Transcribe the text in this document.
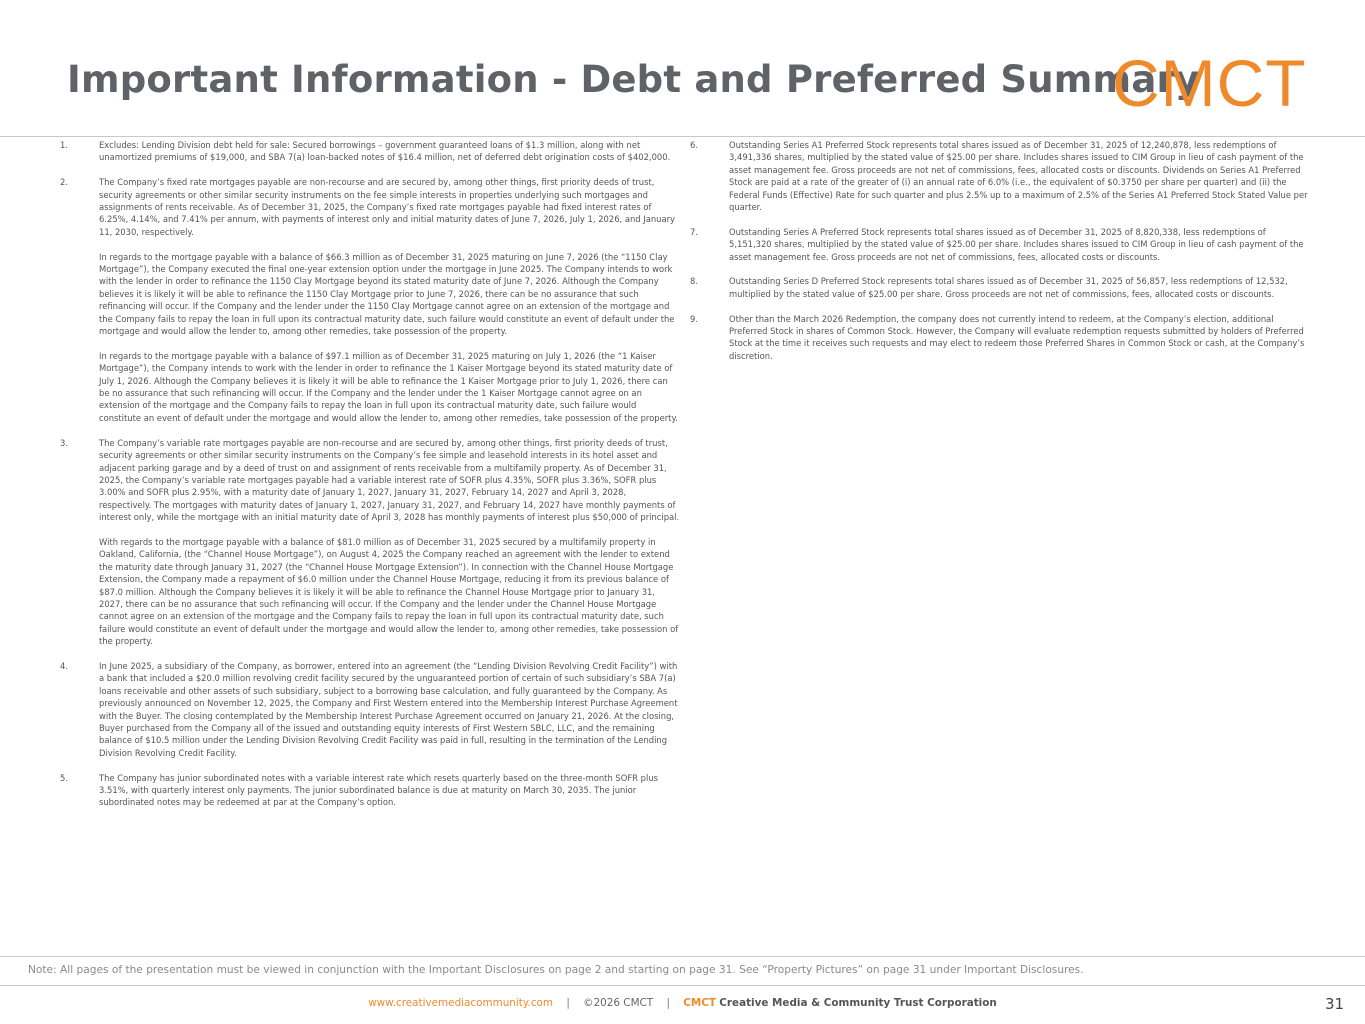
Important Information - Debt and Preferred Summary
CMCT
1.	Excludes: Lending Division debt held for sale: Secured borrowings – government guaranteed loans of $1.3 million, along with net unamortized premiums of $19,000, and SBA 7(a) loan-backed notes of $16.4 million, net of deferred debt origination costs of $402,000.

2.	The Company’s fixed rate mortgages payable are non-recourse and are secured by, among other things, first priority deeds of trust, security agreements or other similar security instruments on the fee simple interests in properties underlying such mortgages and assignments of rents receivable. As of December 31, 2025, the Company’s fixed rate mortgages payable had fixed interest rates of 6.25%, 4.14%, and 7.41% per annum, with payments of interest only and initial maturity dates of June 7, 2026, July 1, 2026, and January 11, 2030, respectively.

In regards to the mortgage payable with a balance of $66.3 million as of December 31, 2025 maturing on June 7, 2026 (the “1150 Clay Mortgage”), the Company executed the final one-year extension option under the mortgage in June 2025. The Company intends to work with the lender in order to refinance the 1150 Clay Mortgage beyond its stated maturity date of June 7, 2026. Although the Company believes it is likely it will be able to refinance the 1150 Clay Mortgage prior to June 7, 2026, there can be no assurance that such refinancing will occur. If the Company and the lender under the 1150 Clay Mortgage cannot agree on an extension of the mortgage and the Company fails to repay the loan in full upon its contractual maturity date, such failure would constitute an event of default under the mortgage and would allow the lender to, among other remedies, take possession of the property.

In regards to the mortgage payable with a balance of $97.1 million as of December 31, 2025 maturing on July 1, 2026 (the “1 Kaiser Mortgage”), the Company intends to work with the lender in order to refinance the 1 Kaiser Mortgage beyond its stated maturity date of July 1, 2026. Although the Company believes it is likely it will be able to refinance the 1 Kaiser Mortgage prior to July 1, 2026, there can be no assurance that such refinancing will occur. If the Company and the lender under the 1 Kaiser Mortgage cannot agree on an extension of the mortgage and the Company fails to repay the loan in full upon its contractual maturity date, such failure would constitute an event of default under the mortgage and would allow the lender to, among other remedies, take possession of the property.

3.	The Company’s variable rate mortgages payable are non-recourse and are secured by, among other things, first priority deeds of trust, security agreements or other similar security instruments on the Company’s fee simple and leasehold interests in its hotel asset and adjacent parking garage and by a deed of trust on and assignment of rents receivable from a multifamily property. As of December 31, 2025, the Company’s variable rate mortgages payable had a variable interest rate of SOFR plus 4.35%, SOFR plus 3.36%, SOFR plus 3.00% and SOFR plus 2.95%, with a maturity date of January 1, 2027, January 31, 2027, February 14, 2027 and April 3, 2028, respectively. The mortgages with maturity dates of January 1, 2027, January 31, 2027, and February 14, 2027 have monthly payments of interest only, while the mortgage with an initial maturity date of April 3, 2028 has monthly payments of interest plus $50,000 of principal.

With regards to the mortgage payable with a balance of $81.0 million as of December 31, 2025 secured by a multifamily property in Oakland, California, (the “Channel House Mortgage”), on August 4, 2025 the Company reached an agreement with the lender to extend the maturity date through January 31, 2027 (the “Channel House Mortgage Extension”). In connection with the Channel House Mortgage Extension, the Company made a repayment of $6.0 million under the Channel House Mortgage, reducing it from its previous balance of $87.0 million. Although the Company believes it is likely it will be able to refinance the Channel House Mortgage prior to January 31, 2027, there can be no assurance that such refinancing will occur. If the Company and the lender under the Channel House Mortgage cannot agree on an extension of the mortgage and the Company fails to repay the loan in full upon its contractual maturity date, such failure would constitute an event of default under the mortgage and would allow the lender to, among other remedies, take possession of the property.

4.	In June 2025, a subsidiary of the Company, as borrower, entered into an agreement (the “Lending Division Revolving Credit Facility”) with a bank that included a $20.0 million revolving credit facility secured by the unguaranteed portion of certain of such subsidiary’s SBA 7(a) loans receivable and other assets of such subsidiary, subject to a borrowing base calculation, and fully guaranteed by the Company. As previously announced on November 12, 2025, the Company and First Western entered into the Membership Interest Purchase Agreement with the Buyer. The closing contemplated by the Membership Interest Purchase Agreement occurred on January 21, 2026. At the closing, Buyer purchased from the Company all of the issued and outstanding equity interests of First Western SBLC, LLC, and the remaining balance of $10.5 million under the Lending Division Revolving Credit Facility was paid in full, resulting in the termination of the Lending Division Revolving Credit Facility.

5.	The Company has junior subordinated notes with a variable interest rate which resets quarterly based on the three-month SOFR plus 3.51%, with quarterly interest only payments. The junior subordinated balance is due at maturity on March 30, 2035. The junior subordinated notes may be redeemed at par at the Company’s option.

6.	Outstanding Series A1 Preferred Stock represents total shares issued as of December 31, 2025 of 12,240,878, less redemptions of 3,491,336 shares, multiplied by the stated value of $25.00 per share. Includes shares issued to CIM Group in lieu of cash payment of the asset management fee. Gross proceeds are not net of commissions, fees, allocated costs or discounts. Dividends on Series A1 Preferred Stock are paid at a rate of the greater of (i) an annual rate of 6.0% (i.e., the equivalent of $0.3750 per share per quarter) and (ii) the Federal Funds (Effective) Rate for such quarter and plus 2.5% up to a maximum of 2.5% of the Series A1 Preferred Stock Stated Value per quarter.

7.	Outstanding Series A Preferred Stock represents total shares issued as of December 31, 2025 of 8,820,338, less redemptions of 5,151,320 shares, multiplied by the stated value of $25.00 per share. Includes shares issued to CIM Group in lieu of cash payment of the asset management fee. Gross proceeds are not net of commissions, fees, allocated costs or discounts.

8.	Outstanding Series D Preferred Stock represents total shares issued as of December 31, 2025 of 56,857, less redemptions of 12,532, multiplied by the stated value of $25.00 per share. Gross proceeds are not net of commissions, fees, allocated costs or discounts.

9.	Other than the March 2026 Redemption, the company does not currently intend to redeem, at the Company’s election, additional Preferred Stock in shares of Common Stock. However, the Company will evaluate redemption requests submitted by holders of Preferred Stock at the time it receives such requests and may elect to redeem those Preferred Shares in Common Stock or cash, at the Company’s discretion.

Note: All pages of the presentation must be viewed in conjunction with the Important Disclosures on page 2 and starting on page 31. See “Property Pictures” on page 31 under Important Disclosures.
www.creativemediacommunity.com | ©2026 CMCT | CMCT Creative Media & Community Trust Corporation	31
